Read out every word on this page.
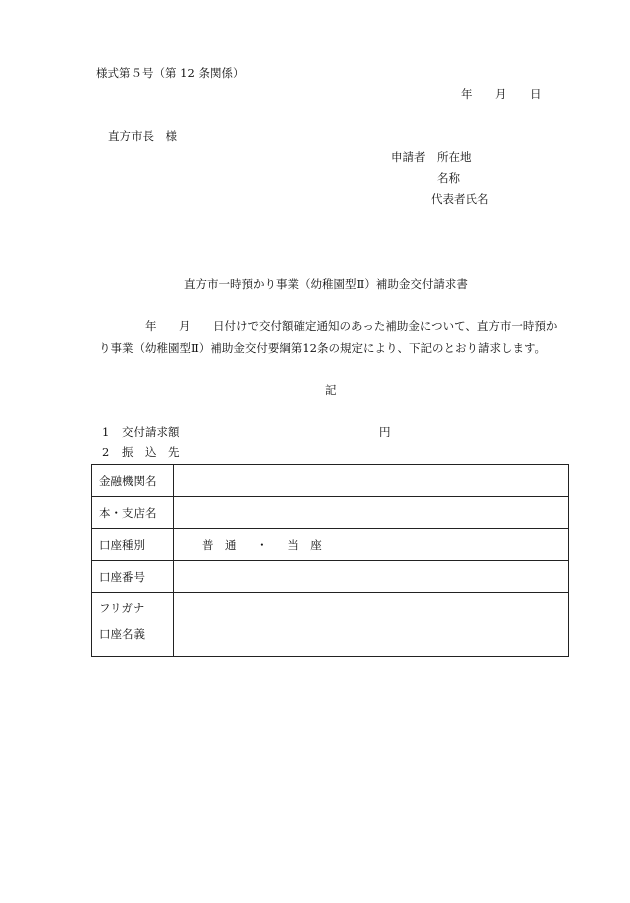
様式第５号（第 12 条関係）
年 月 日
直方市長　様
申請者 所在地
名称
代表者氏名
直方市一時預かり事業（幼稚園型Ⅱ）補助金交付請求書
年 月 日付けで交付額確定通知のあった補助金について、直方市一時預か
り事業（幼稚園型Ⅱ）補助金交付要綱第12条の規定により、下記のとおり請求します。
記
1 交付請求額	円
2 振　込　先
金融機関名	
本・支店名	
口座種別	普　通 ・ 当　座
口座番号	

フリガナ
口座名義	
